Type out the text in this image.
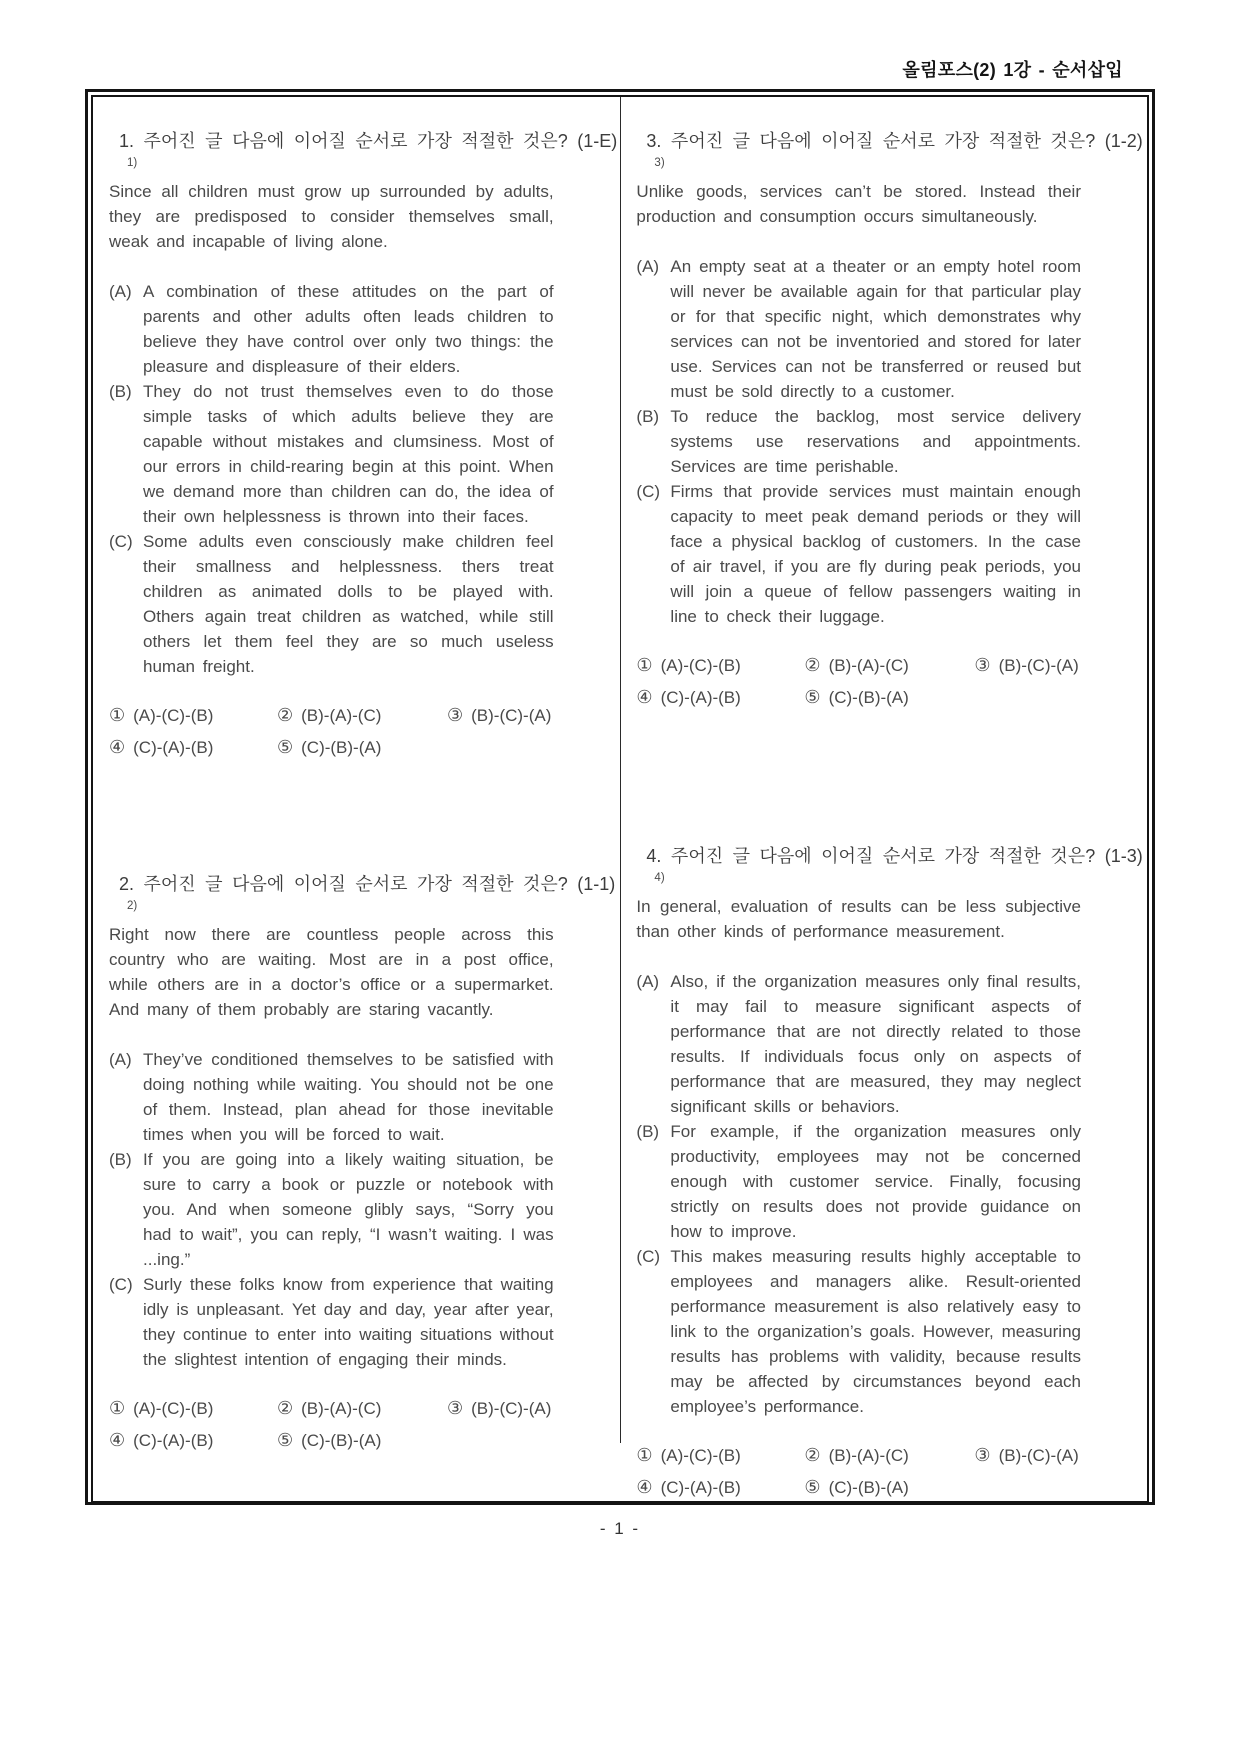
올림포스(2) 1강 - 순서삽입
1. 주어진 글 다음에 이어질 순서로 가장 적절한 것은? (1-E)
1)

Since all children must grow up surrounded by adults, they are predisposed to consider themselves small, weak and incapable of living alone.

(A) A combination of these attitudes on the part of parents and other adults often leads children to believe they have control over only two things: the pleasure and displeasure of their elders.
(B) They do not trust themselves even to do those simple tasks of which adults believe they are capable without mistakes and clumsiness. Most of our errors in child-rearing begin at this point. When we demand more than children can do, the idea of their own helplessness is thrown into their faces.
(C) Some adults even consciously make children feel their smallness and helplessness. thers treat children as animated dolls to be played with. Others again treat children as watched, while still others let them feel they are so much useless human freight.
① (A)-(C)-(B)	② (B)-(A)-(C)	③ (B)-(C)-(A)
④ (C)-(A)-(B)	⑤ (C)-(B)-(A)
2. 주어진 글 다음에 이어질 순서로 가장 적절한 것은? (1-1)
2)

Right now there are countless people across this country who are waiting. Most are in a post office, while others are in a doctor’s office or a supermarket. And many of them probably are staring vacantly.

(A) They’ve conditioned themselves to be satisfied with doing nothing while waiting. You should not be one of them. Instead, plan ahead for those inevitable times when you will be forced to wait.
(B) If you are going into a likely waiting situation, be sure to carry a book or puzzle or notebook with you. And when someone glibly says, “Sorry you had to wait”, you can reply, “I wasn’t waiting. I was ...ing.”
(C) Surly these folks know from experience that waiting idly is unpleasant. Yet day and day, year after year, they continue to enter into waiting situations without the slightest intention of engaging their minds.
① (A)-(C)-(B)	② (B)-(A)-(C)	③ (B)-(C)-(A)
④ (C)-(A)-(B)	⑤ (C)-(B)-(A)
3. 주어진 글 다음에 이어질 순서로 가장 적절한 것은? (1-2)
3)

Unlike goods, services can’t be stored. Instead their production and consumption occurs simultaneously.

(A) An empty seat at a theater or an empty hotel room will never be available again for that particular play or for that specific night, which demonstrates why services can not be inventoried and stored for later use. Services can not be transferred or reused but must be sold directly to a customer.
(B) To reduce the backlog, most service delivery systems use reservations and appointments. Services are time perishable.
(C) Firms that provide services must maintain enough capacity to meet peak demand periods or they will face a physical backlog of customers. In the case of air travel, if you are fly during peak periods, you will join a queue of fellow passengers waiting in line to check their luggage.
① (A)-(C)-(B)	② (B)-(A)-(C)	③ (B)-(C)-(A)
④ (C)-(A)-(B)	⑤ (C)-(B)-(A)
4. 주어진 글 다음에 이어질 순서로 가장 적절한 것은? (1-3)
4)

In general, evaluation of results can be less subjective than other kinds of performance measurement.

(A) Also, if the organization measures only final results, it may fail to measure significant aspects of performance that are not directly related to those results. If individuals focus only on aspects of performance that are measured, they may neglect significant skills or behaviors.
(B) For example, if the organization measures only productivity, employees may not be concerned enough with customer service. Finally, focusing strictly on results does not provide guidance on how to improve.
(C) This makes measuring results highly acceptable to employees and managers alike. Result-oriented performance measurement is also relatively easy to link to the organization’s goals. However, measuring results has problems with validity, because results may be affected by circumstances beyond each employee’s performance.
① (A)-(C)-(B)	② (B)-(A)-(C)	③ (B)-(C)-(A)
④ (C)-(A)-(B)	⑤ (C)-(B)-(A)
- 1 -
